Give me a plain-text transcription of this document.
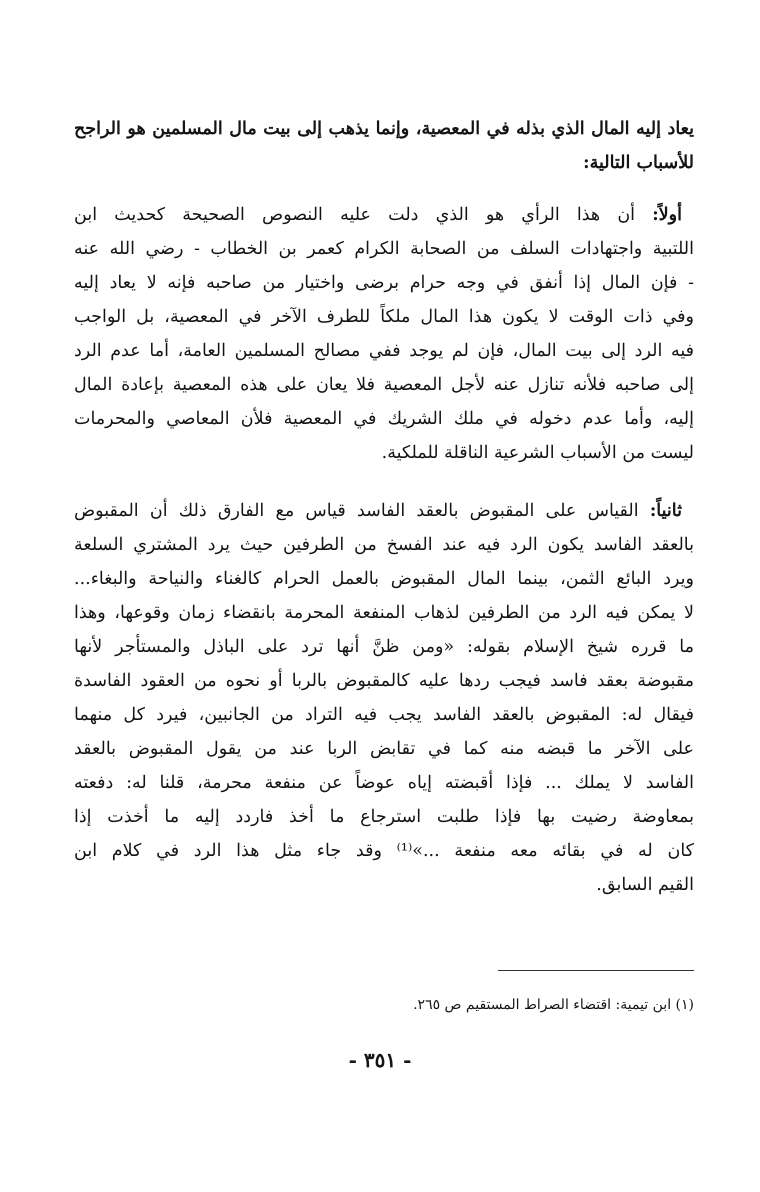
يعاد إليه المال الذي بذله في المعصية، وإنما يذهب إلى بيت مال المسلمين هو الراجح
للأسباب التالية:
أولاً: أن هذا الرأي هو الذي دلت عليه النصوص الصحيحة كحديث ابن
اللتبية واجتهادات السلف من الصحابة الكرام كعمر بن الخطاب - رضي الله عنه
- فإن المال إذا أنفق في وجه حرام برضى واختيار من صاحبه فإنه لا يعاد إليه
وفي ذات الوقت لا يكون هذا المال ملكاً للطرف الآخر في المعصية، بل الواجب
فيه الرد إلى بيت المال، فإن لم يوجد ففي مصالح المسلمين العامة، أما عدم الرد
إلى صاحبه فلأنه تنازل عنه لأجل المعصية فلا يعان على هذه المعصية بإعادة المال
إليه، وأما عدم دخوله في ملك الشريك في المعصية فلأن المعاصي والمحرمات
ليست من الأسباب الشرعية الناقلة للملكية.
ثانياً: القياس على المقبوض بالعقد الفاسد قياس مع الفارق ذلك أن المقبوض
بالعقد الفاسد يكون الرد فيه عند الفسخ من الطرفين حيث يرد المشتري السلعة
ويرد البائع الثمن، بينما المال المقبوض بالعمل الحرام كالغناء والنياحة والبغاء...
لا يمكن فيه الرد من الطرفين لذهاب المنفعة المحرمة بانقضاء زمان وقوعها، وهذا
ما قرره شيخ الإسلام بقوله: «ومن ظنَّ أنها ترد على الباذل والمستأجر لأنها
مقبوضة بعقد فاسد فيجب ردها عليه كالمقبوض بالربا أو نحوه من العقود الفاسدة
فيقال له: المقبوض بالعقد الفاسد يجب فيه التراد من الجانبين، فيرد كل منهما
على الآخر ما قبضه منه كما في تقابض الربا عند من يقول المقبوض بالعقد
الفاسد لا يملك ... فإذا أقبضته إياه عوضاً عن منفعة محرمة، قلنا له: دفعته
بمعاوضة رضيت بها فإذا طلبت استرجاع ما أخذ فاردد إليه ما أخذت إذا
كان له في بقائه معه منفعة ...»⁽¹⁾ وقد جاء مثل هذا الرد في كلام ابن
القيم السابق.
(١) ابن تيمية: اقتضاء الصراط المستقيم ص ٢٦٥.
- ٣٥١ -
